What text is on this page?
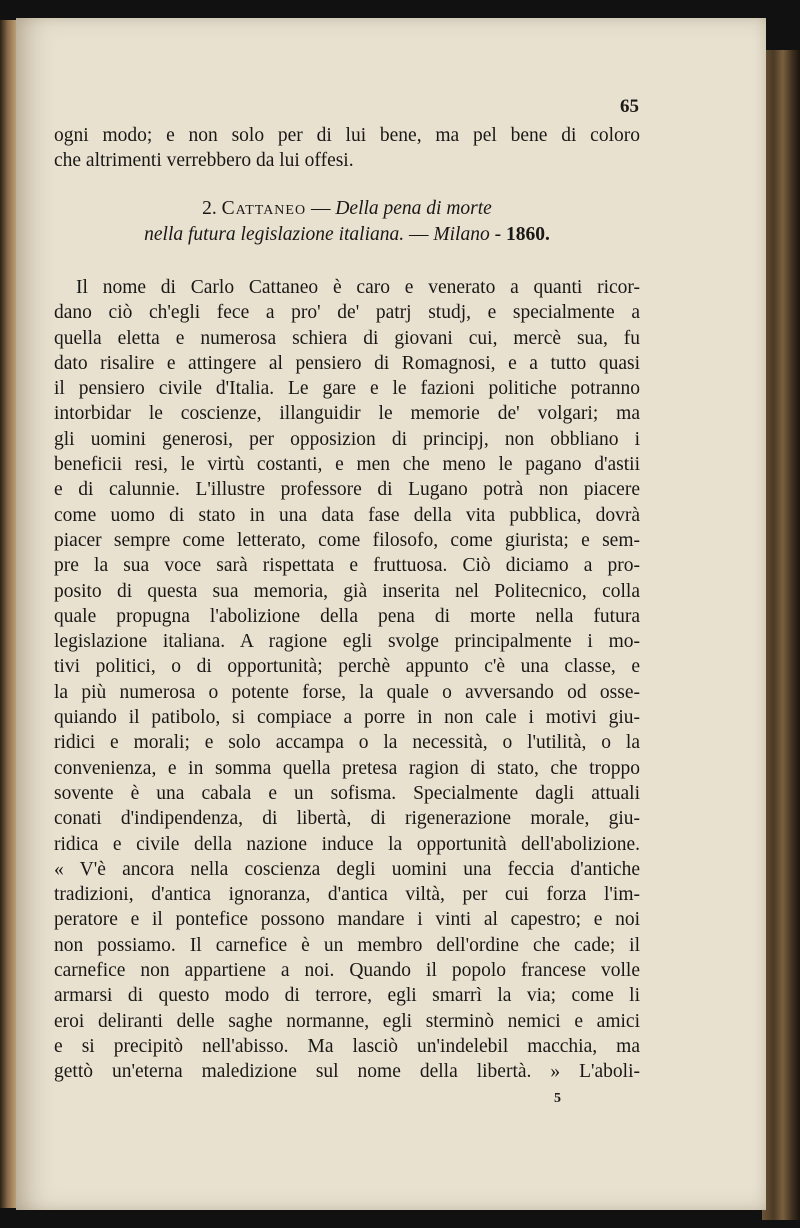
65
ogni modo; e non solo per di lui bene, ma pel bene di coloro
che altrimenti verrebbero da lui offesi.
2. Cattaneo — Della pena di morte
nella futura legislazione italiana. — Milano - 1860.
Il nome di Carlo Cattaneo è caro e venerato a quanti ricor-
dano ciò ch'egli fece a pro' de' patrj studj, e specialmente a
quella eletta e numerosa schiera di giovani cui, mercè sua, fu
dato risalire e attingere al pensiero di Romagnosi, e a tutto quasi
il pensiero civile d'Italia. Le gare e le fazioni politiche potranno
intorbidar le coscienze, illanguidir le memorie de' volgari; ma
gli uomini generosi, per opposizion di principj, non obbliano i
beneficii resi, le virtù costanti, e men che meno le pagano d'astii
e di calunnie. L'illustre professore di Lugano potrà non piacere
come uomo di stato in una data fase della vita pubblica, dovrà
piacer sempre come letterato, come filosofo, come giurista; e sem-
pre la sua voce sarà rispettata e fruttuosa. Ciò diciamo a pro-
posito di questa sua memoria, già inserita nel Politecnico, colla
quale propugna l'abolizione della pena di morte nella futura
legislazione italiana. A ragione egli svolge principalmente i mo-
tivi politici, o di opportunità; perchè appunto c'è una classe, e
la più numerosa o potente forse, la quale o avversando od osse-
quiando il patibolo, si compiace a porre in non cale i motivi giu-
ridici e morali; e solo accampa o la necessità, o l'utilità, o la
convenienza, e in somma quella pretesa ragion di stato, che troppo
sovente è una cabala e un sofisma. Specialmente dagli attuali
conati d'indipendenza, di libertà, di rigenerazione morale, giu-
ridica e civile della nazione induce la opportunità dell'abolizione.
« V'è ancora nella coscienza degli uomini una feccia d'antiche
tradizioni, d'antica ignoranza, d'antica viltà, per cui forza l'im-
peratore e il pontefice possono mandare i vinti al capestro; e noi
non possiamo. Il carnefice è un membro dell'ordine che cade; il
carnefice non appartiene a noi. Quando il popolo francese volle
armarsi di questo modo di terrore, egli smarrì la via; come li
eroi deliranti delle saghe normanne, egli sterminò nemici e amici
e si precipitò nell'abisso. Ma lasciò un'indelebil macchia, ma
gettò un'eterna maledizione sul nome della libertà. » L'aboli-
5
